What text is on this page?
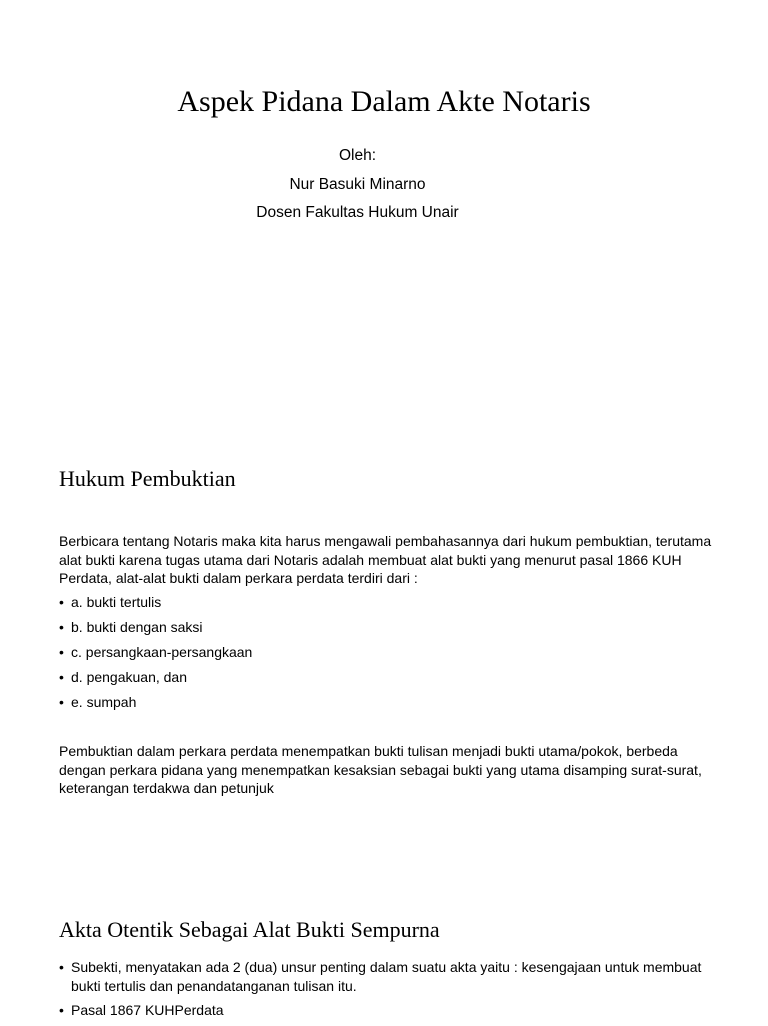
Aspek Pidana Dalam Akte Notaris
Oleh:
Nur Basuki Minarno
Dosen Fakultas Hukum Unair
Hukum Pembuktian

Berbicara tentang Notaris maka kita harus mengawali pembahasannya dari hukum pembuktian, terutama alat bukti karena tugas utama dari Notaris adalah membuat alat bukti yang menurut pasal 1866 KUH Perdata, alat-alat bukti dalam perkara perdata terdiri dari :

• a. bukti tertulis
• b. bukti dengan saksi
• c. persangkaan-persangkaan
• d. pengakuan, dan
• e. sumpah

Pembuktian dalam perkara perdata menempatkan bukti tulisan menjadi bukti utama/pokok, berbeda dengan perkara pidana yang menempatkan kesaksian sebagai bukti yang utama disamping surat-surat, keterangan terdakwa dan petunjuk

Akta Otentik Sebagai Alat Bukti Sempurna
• Subekti, menyatakan ada 2 (dua) unsur penting dalam suatu akta yaitu : kesengajaan untuk membuat bukti tertulis dan penandatanganan tulisan itu.
• Pasal 1867 KUHPerdata
